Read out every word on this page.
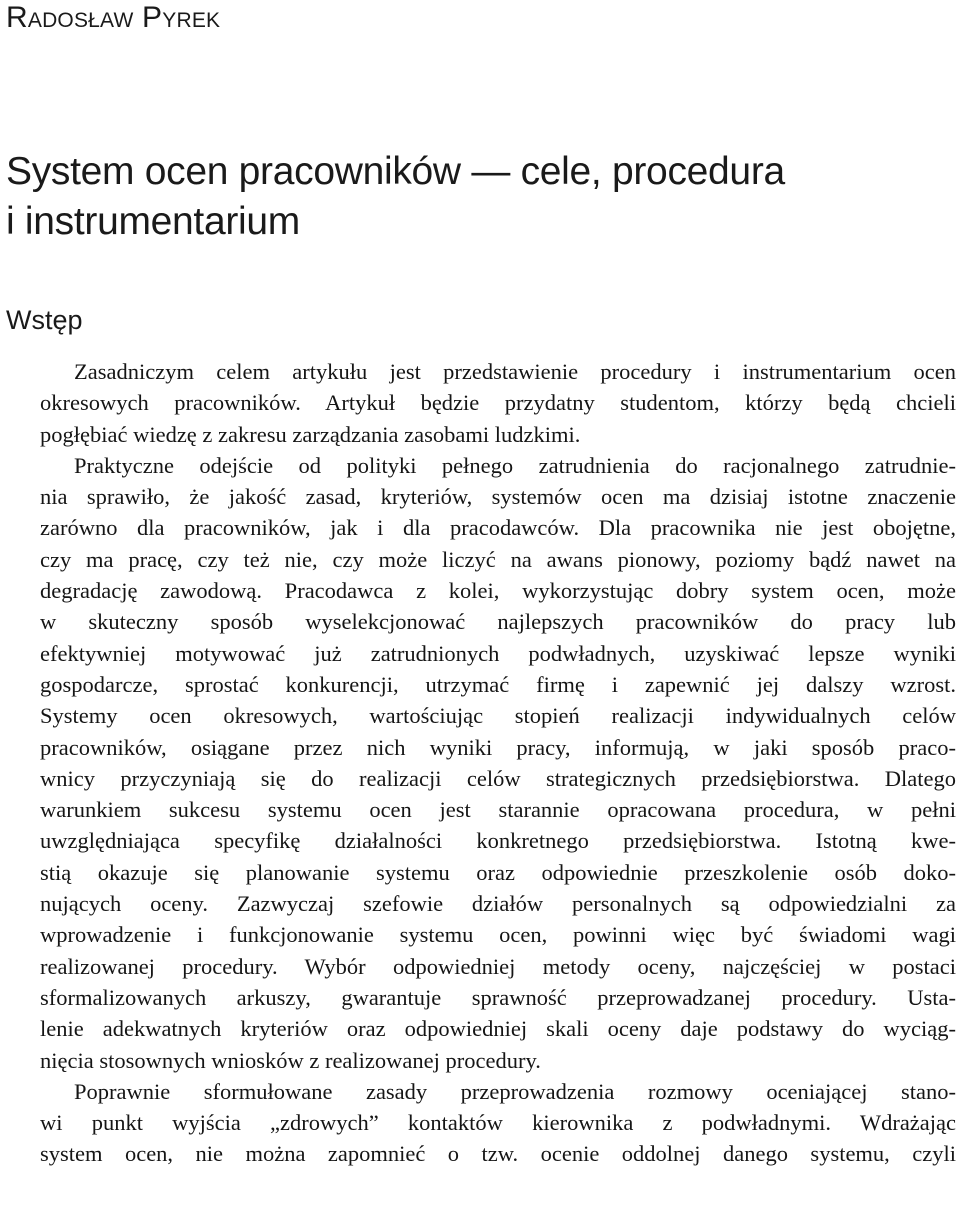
Radosław Pyrek
System ocen pracowników — cele, procedura
i instrumentarium
Wstęp
Zasadniczym celem artykułu jest przedstawienie procedury i instrumentarium ocen
okresowych pracowników. Artykuł będzie przydatny studentom, którzy będą chcieli
pogłębiać wiedzę z zakresu zarządzania zasobami ludzkimi.
Praktyczne odejście od polityki pełnego zatrudnienia do racjonalnego zatrudnie-
nia sprawiło, że jakość zasad, kryteriów, systemów ocen ma dzisiaj istotne znaczenie
zarówno dla pracowników, jak i dla pracodawców. Dla pracownika nie jest obojętne,
czy ma pracę, czy też nie, czy może liczyć na awans pionowy, poziomy bądź nawet na
degradację zawodową. Pracodawca z kolei, wykorzystując dobry system ocen, może
w skuteczny sposób wyselekcjonować najlepszych pracowników do pracy lub
efektywniej motywować już zatrudnionych podwładnych, uzyskiwać lepsze wyniki
gospodarcze, sprostać konkurencji, utrzymać firmę i zapewnić jej dalszy wzrost.
Systemy ocen okresowych, wartościując stopień realizacji indywidualnych celów
pracowników, osiągane przez nich wyniki pracy, informują, w jaki sposób praco-
wnicy przyczyniają się do realizacji celów strategicznych przedsiębiorstwa. Dlatego
warunkiem sukcesu systemu ocen jest starannie opracowana procedura, w pełni
uwzględniająca specyfikę działalności konkretnego przedsiębiorstwa. Istotną kwe-
stią okazuje się planowanie systemu oraz odpowiednie przeszkolenie osób doko-
nujących oceny. Zazwyczaj szefowie działów personalnych są odpowiedzialni za
wprowadzenie i funkcjonowanie systemu ocen, powinni więc być świadomi wagi
realizowanej procedury. Wybór odpowiedniej metody oceny, najczęściej w postaci
sformalizowanych arkuszy, gwarantuje sprawność przeprowadzanej procedury. Usta-
lenie adekwatnych kryteriów oraz odpowiedniej skali oceny daje podstawy do wyciąg-
nięcia stosownych wniosków z realizowanej procedury.
Poprawnie sformułowane zasady przeprowadzenia rozmowy oceniającej stano-
wi punkt wyjścia „zdrowych” kontaktów kierownika z podwładnymi. Wdrażając
system ocen, nie można zapomnieć o tzw. ocenie oddolnej danego systemu, czyli
